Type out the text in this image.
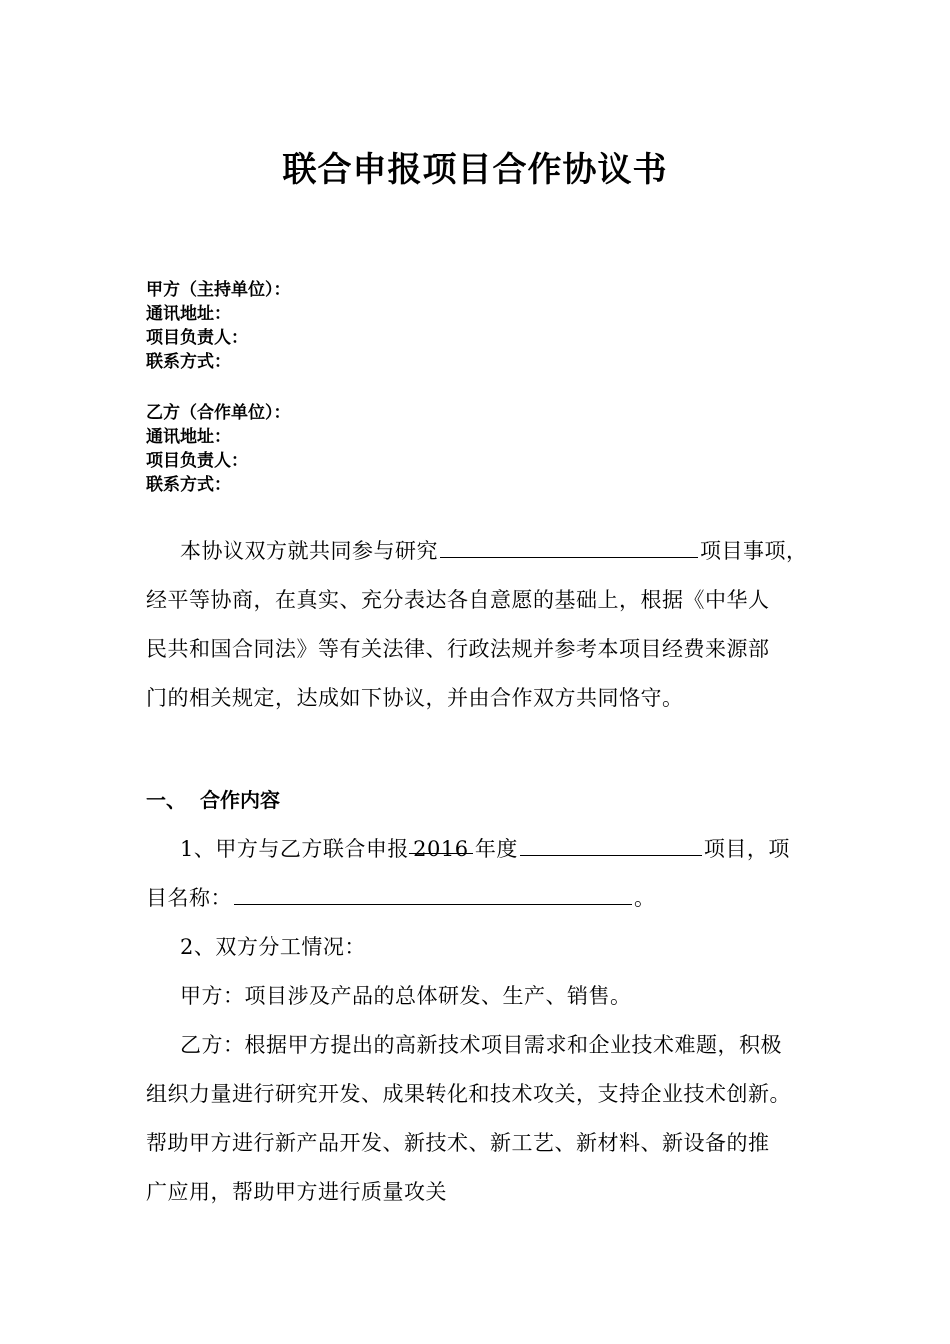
联合申报项目合作协议书
甲方（主持单位）：
通讯地址：
项目负责人：
联系方式：
乙方（合作单位）：
通讯地址：
项目负责人：
联系方式：
本协议双方就共同参与研究	项目事项，
经平等协商，在真实、充分表达各自意愿的基础上，根据《中华人
民共和国合同法》等有关法律、行政法规并参考本项目经费来源部
门的相关规定，达成如下协议，并由合作双方共同恪守。
一、 合作内容
1、甲方与乙方联合申报 2016 年度	项目，项
目名称：	。
2、双方分工情况：
甲方：项目涉及产品的总体研发、生产、销售。
乙方：根据甲方提出的高新技术项目需求和企业技术难题，积极
组织力量进行研究开发、成果转化和技术攻关，支持企业技术创新。
帮助甲方进行新产品开发、新技术、新工艺、新材料、新设备的推
广应用，帮助甲方进行质量攻关
